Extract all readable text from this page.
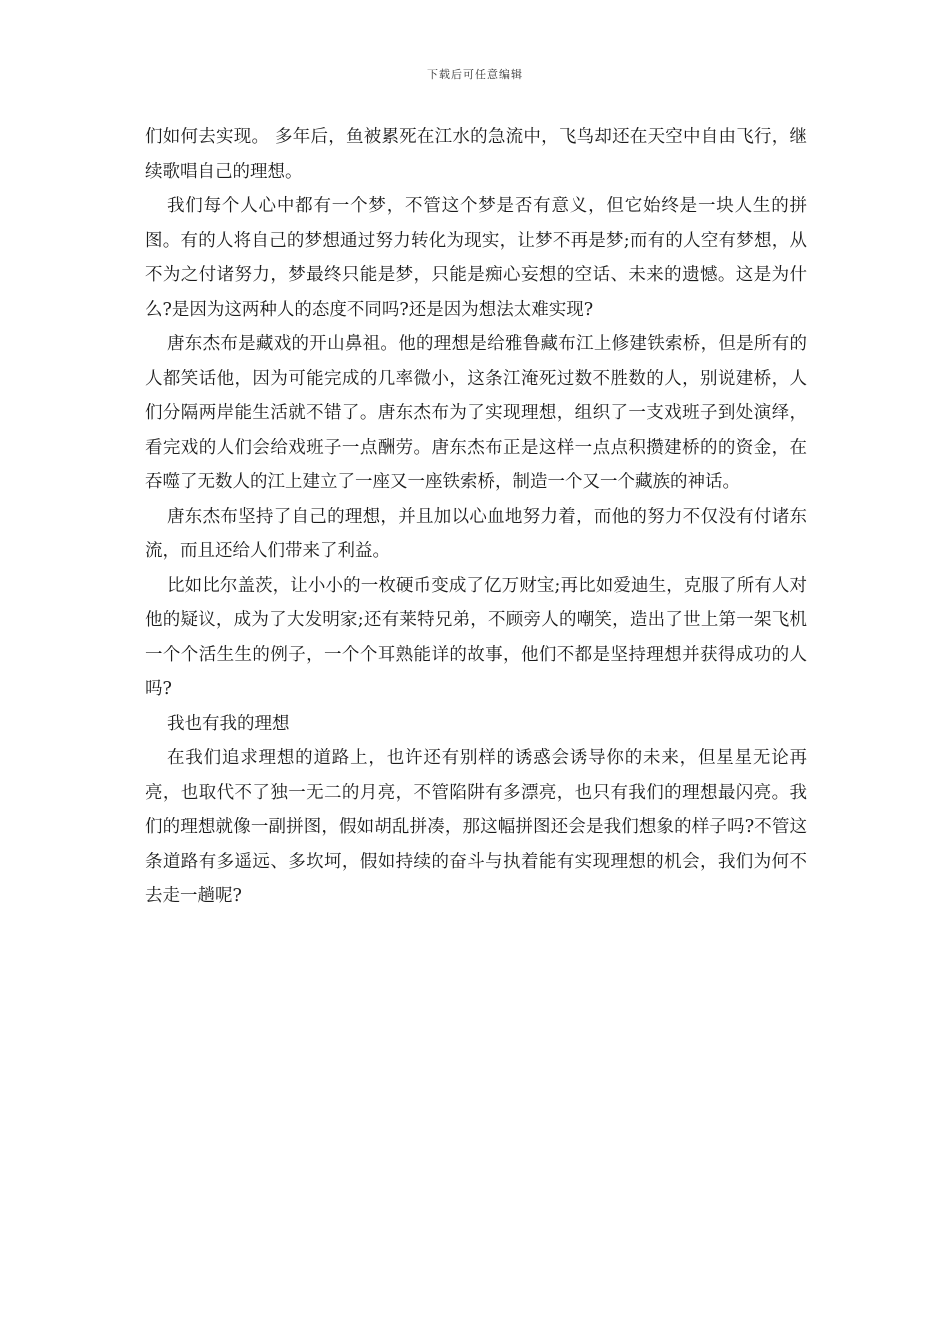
下载后可任意编辑

们如何去实现。 多年后，鱼被累死在江水的急流中，飞鸟却还在天空中自由飞行，继续歌唱自己的理想。

我们每个人心中都有一个梦，不管这个梦是否有意义，但它始终是一块人生的拼图。有的人将自己的梦想通过努力转化为现实，让梦不再是梦;而有的人空有梦想，从不为之付诸努力，梦最终只能是梦，只能是痴心妄想的空话、未来的遗憾。这是为什么?是因为这两种人的态度不同吗?还是因为想法太难实现?

唐东杰布是藏戏的开山鼻祖。他的理想是给雅鲁藏布江上修建铁索桥，但是所有的人都笑话他，因为可能完成的几率微小，这条江淹死过数不胜数的人，别说建桥，人们分隔两岸能生活就不错了。唐东杰布为了实现理想，组织了一支戏班子到处演绎，看完戏的人们会给戏班子一点酬劳。唐东杰布正是这样一点点积攒建桥的的资金，在吞噬了无数人的江上建立了一座又一座铁索桥，制造一个又一个藏族的神话。

唐东杰布坚持了自己的理想，并且加以心血地努力着，而他的努力不仅没有付诸东流，而且还给人们带来了利益。

比如比尔盖茨，让小小的一枚硬币变成了亿万财宝;再比如爱迪生，克服了所有人对他的疑议，成为了大发明家;还有莱特兄弟，不顾旁人的嘲笑，造出了世上第一架飞机 一个个活生生的例子，一个个耳熟能详的故事，他们不都是坚持理想并获得成功的人吗?

我也有我的理想

在我们追求理想的道路上，也许还有别样的诱惑会诱导你的未来，但星星无论再亮，也取代不了独一无二的月亮，不管陷阱有多漂亮，也只有我们的理想最闪亮。我们的理想就像一副拼图，假如胡乱拼凑，那这幅拼图还会是我们想象的样子吗?不管这条道路有多遥远、多坎坷，假如持续的奋斗与执着能有实现理想的机会，我们为何不去走一趟呢?
